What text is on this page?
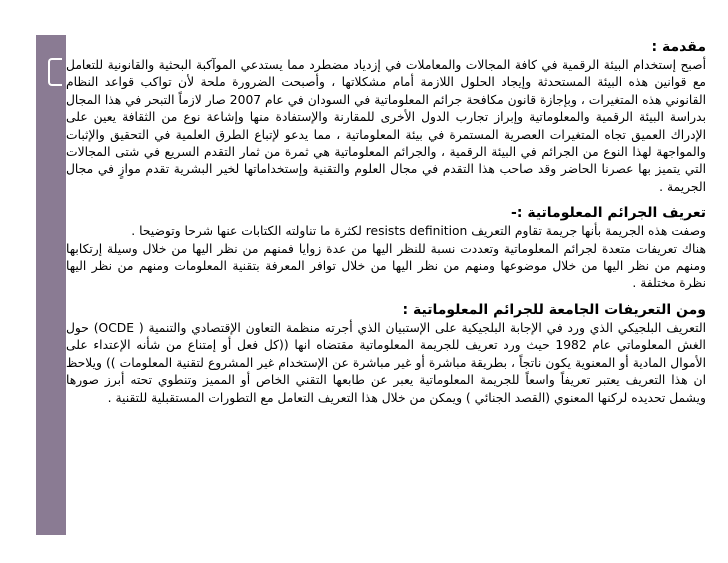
مقدمة :

أصبح إستخدام البيئة الرقمية في كافة المجالات والمعاملات في إزدياد مضطرد مما يستدعي الموآكبة البحثية والقانونية للتعامل مع قوانين هذه البيئة المستحدثة وإيجاد الحلول اللازمة أمام مشكلاتها ، وأصبحت الضرورة ملحة لأن تواكب قواعد النظام القانوني هذه المتغيرات ، وبإجازة قانون مكافحة جرائم المعلوماتية في السودان في عام 2007 صار لازماً التبحر في هذا المجال بدراسة البيئة الرقمية والمعلوماتية وإبراز تجارب الدول الأخرى للمقارنة والإستفادة منها وإشاعة نوع من الثقافة يعين على الإدراك العميق تجاه المتغيرات العصرية المستمرة في بيئة المعلوماتية ، مما يدعو لإتباع الطرق العلمية في التحقيق والإثبات والمواجهة لهذا النوع من الجرائم في البيئة الرقمية ، والجرائم المعلوماتية هي ثمرة من ثمار التقدم السريع في شتى المجالات التي يتميز بها عصرنا الحاضر وقد صاحب هذا التقدم في مجال العلوم والتقنية وإستخداماتها لخير البشرية تقدم موازٍ في مجال الجريمة .

تعريف الجرائم المعلوماتية :-

وصفت هذه الجريمة بأنها جريمة تقاوم التعريف resists definition لكثرة ما تناولته الكتابات عنها شرحا وتوضيحا .

هناك تعريفات متعدة لجرائم المعلوماتية وتعددت نسبة للنظر اليها من عدة زوايا فمنهم من نظر اليها من خلال وسيلة إرتكابها ومنهم من نظر اليها من خلال موضوعها ومنهم من نظر اليها من خلال توافر المعرفة بتقنية المعلومات ومنهم من نظر اليها نظرة مختلفة .

ومن التعريفات الجامعة للجرائم المعلوماتية :

التعريف البلجيكي الذي ورد في الإجابة البلجيكية على الإستبيان الذي أجرته منظمة التعاون الإقتصادي والتنمية ( OCDE) حول الغش المعلوماتي عام 1982 حيث ورد تعريف للجريمة المعلوماتية مقتضاه انها ((كل فعل أو إمتناع من شأنه الإعتداء على الأموال المادية أو المعنوية يكون ناتجاً ، بطريقة مباشرة أو غير مباشرة عن الإستخدام غير المشروع لتقنية المعلومات )) ويلاحظ ان هذا التعريف يعتبر تعريفاً واسعاً للجريمة المعلوماتية يعبر عن طابعها التقني الخاص أو المميز وتنطوي تحته أبرز صورها ويشمل تحديده لركنها المعنوي (القصد الجنائي ) ويمكن من خلال هذا التعريف التعامل مع التطورات المستقبلية للتقنية .
